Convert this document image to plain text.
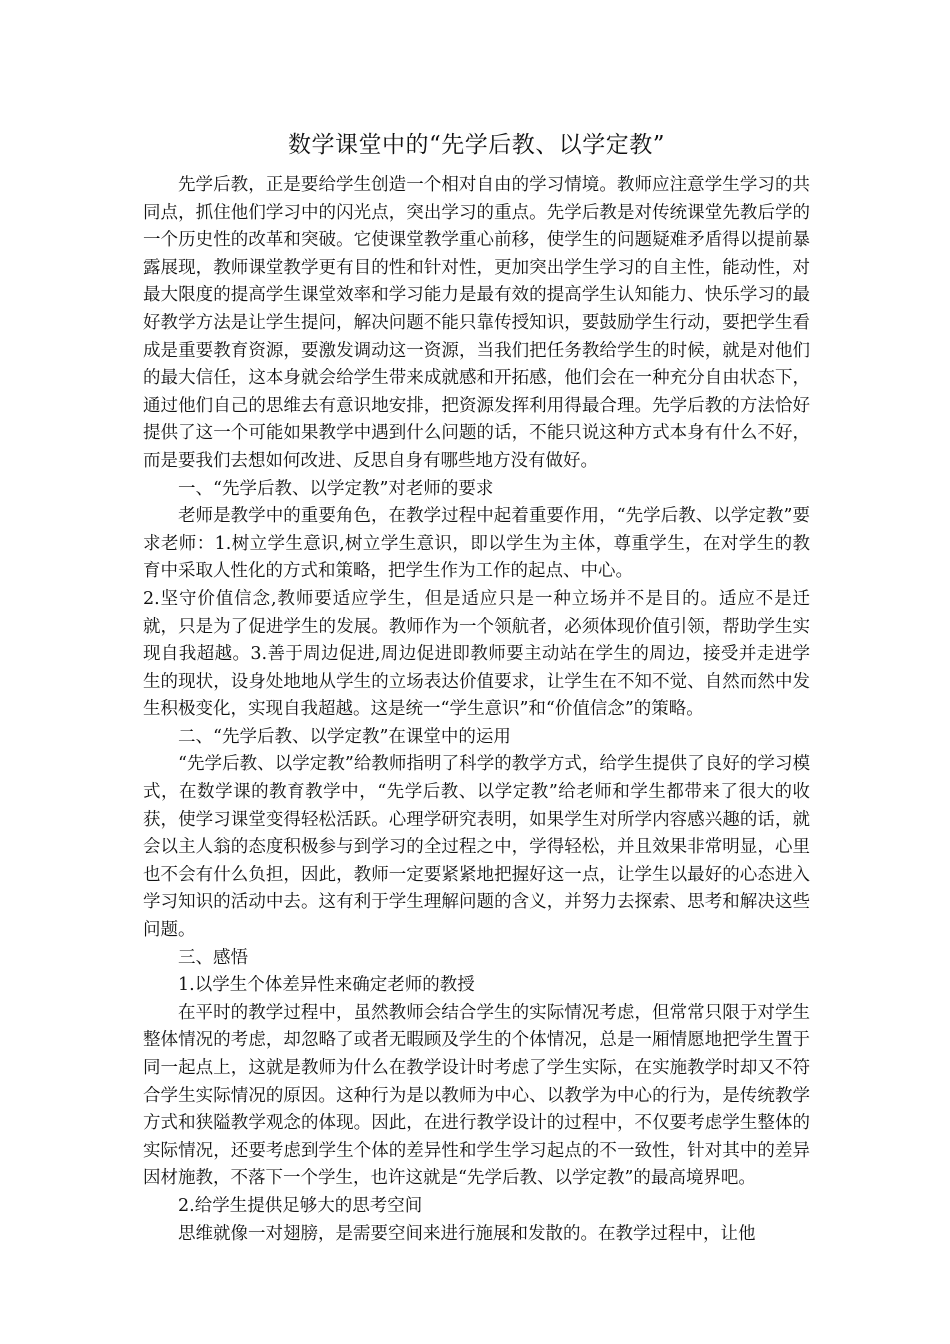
数学课堂中的“先学后教、以学定教”

先学后教，正是要给学生创造一个相对自由的学习情境。教师应注意学生学习的共同点，抓住他们学习中的闪光点，突出学习的重点。先学后教是对传统课堂先教后学的一个历史性的改革和突破。它使课堂教学重心前移，使学生的问题疑难矛盾得以提前暴露展现，教师课堂教学更有目的性和针对性，更加突出学生学习的自主性，能动性，对最大限度的提高学生课堂效率和学习能力是最有效的提高学生认知能力、快乐学习的最好教学方法是让学生提问，解决问题不能只靠传授知识，要鼓励学生行动，要把学生看成是重要教育资源，要激发调动这一资源，当我们把任务教给学生的时候，就是对他们的最大信任，这本身就会给学生带来成就感和开拓感，他们会在一种充分自由状态下，通过他们自己的思维去有意识地安排，把资源发挥利用得最合理。先学后教的方法恰好提供了这一个可能如果教学中遇到什么问题的话，不能只说这种方式本身有什么不好，而是要我们去想如何改进、反思自身有哪些地方没有做好。

一、“先学后教、以学定教”对老师的要求

老师是教学中的重要角色，在教学过程中起着重要作用，“先学后教、以学定教”要求老师：1.树立学生意识,树立学生意识，即以学生为主体，尊重学生，在对学生的教育中采取人性化的方式和策略，把学生作为工作的起点、中心。

2.坚守价值信念,教师要适应学生，但是适应只是一种立场并不是目的。适应不是迁就，只是为了促进学生的发展。教师作为一个领航者，必须体现价值引领，帮助学生实现自我超越。3.善于周边促进,周边促进即教师要主动站在学生的周边，接受并走进学生的现状，设身处地地从学生的立场表达价值要求，让学生在不知不觉、自然而然中发生积极变化，实现自我超越。这是统一“学生意识”和“价值信念”的策略。

二、“先学后教、以学定教”在课堂中的运用

“先学后教、以学定教”给教师指明了科学的教学方式，给学生提供了良好的学习模式，在数学课的教育教学中，“先学后教、以学定教”给老师和学生都带来了很大的收获，使学习课堂变得轻松活跃。心理学研究表明，如果学生对所学内容感兴趣的话，就会以主人翁的态度积极参与到学习的全过程之中，学得轻松，并且效果非常明显，心里也不会有什么负担，因此，教师一定要紧紧地把握好这一点，让学生以最好的心态进入学习知识的活动中去。这有利于学生理解问题的含义，并努力去探索、思考和解决这些问题。

三、感悟

1.以学生个体差异性来确定老师的教授

在平时的教学过程中，虽然教师会结合学生的实际情况考虑，但常常只限于对学生整体情况的考虑，却忽略了或者无暇顾及学生的个体情况，总是一厢情愿地把学生置于同一起点上，这就是教师为什么在教学设计时考虑了学生实际，在实施教学时却又不符合学生实际情况的原因。这种行为是以教师为中心、以教学为中心的行为，是传统教学方式和狭隘教学观念的体现。因此，在进行教学设计的过程中，不仅要考虑学生整体的实际情况，还要考虑到学生个体的差异性和学生学习起点的不一致性，针对其中的差异因材施教，不落下一个学生，也许这就是“先学后教、以学定教”的最高境界吧。

2.给学生提供足够大的思考空间

思维就像一对翅膀，是需要空间来进行施展和发散的。在教学过程中，让他
